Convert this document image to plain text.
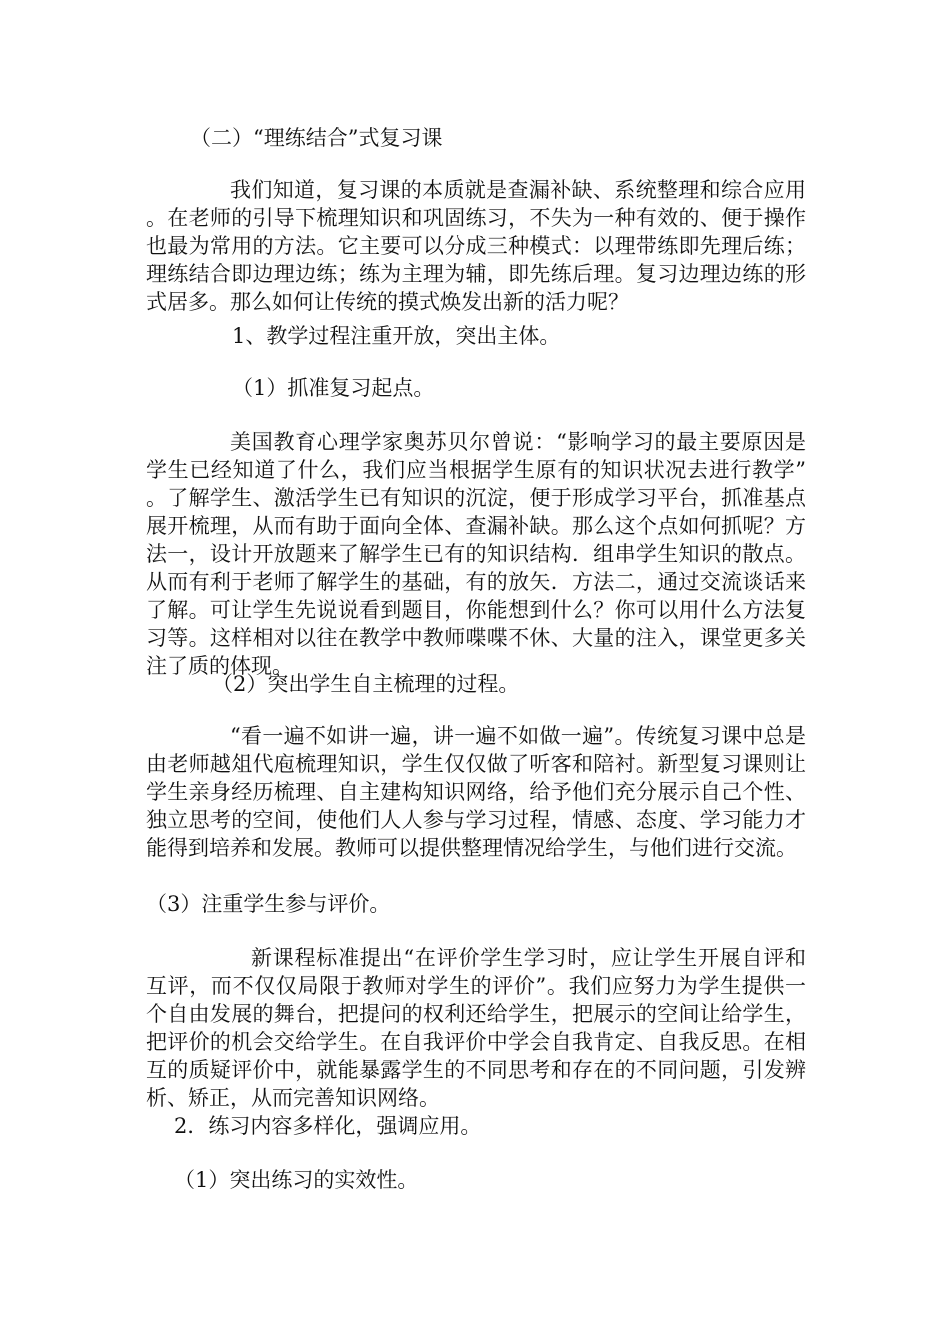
（二）“理练结合”式复习课

我们知道，复习课的本质就是查漏补缺、系统整理和综合应用。在老师的引导下梳理知识和巩固练习，不失为一种有效的、便于操作也最为常用的方法。它主要可以分成三种模式：以理带练即先理后练；理练结合即边理边练；练为主理为辅，即先练后理。复习边理边练的形式居多。那么如何让传统的摸式焕发出新的活力呢？

1、教学过程注重开放，突出主体。

（1）抓准复习起点。

美国教育心理学家奥苏贝尔曾说：“影响学习的最主要原因是学生已经知道了什么，我们应当根据学生原有的知识状况去进行教学”。了解学生、激活学生已有知识的沉淀，便于形成学习平台，抓准基点展开梳理，从而有助于面向全体、查漏补缺。那么这个点如何抓呢？方法一，设计开放题来了解学生已有的知识结构．组串学生知识的散点。从而有利于老师了解学生的基础，有的放矢．方法二，通过交流谈话来了解。可让学生先说说看到题目，你能想到什么？你可以用什么方法复习等。这样相对以往在教学中教师喋喋不休、大量的注入，课堂更多关注了质的体现。

（2）突出学生自主梳理的过程。

“看一遍不如讲一遍，讲一遍不如做一遍”。传统复习课中总是由老师越俎代庖梳理知识，学生仅仅做了听客和陪衬。新型复习课则让学生亲身经历梳理、自主建构知识网络，给予他们充分展示自己个性、独立思考的空间，使他们人人参与学习过程，情感、态度、学习能力才能得到培养和发展。教师可以提供整理情况给学生，与他们进行交流。

（3）注重学生参与评价。

新课程标准提出“在评价学生学习时，应让学生开展自评和互评，而不仅仅局限于教师对学生的评价”。我们应努力为学生提供一个自由发展的舞台，把提问的权利还给学生，把展示的空间让给学生，把评价的机会交给学生。在自我评价中学会自我肯定、自我反思。在相互的质疑评价中，就能暴露学生的不同思考和存在的不同问题，引发辨析、矫正，从而完善知识网络。

2．练习内容多样化，强调应用。

（1）突出练习的实效性。
